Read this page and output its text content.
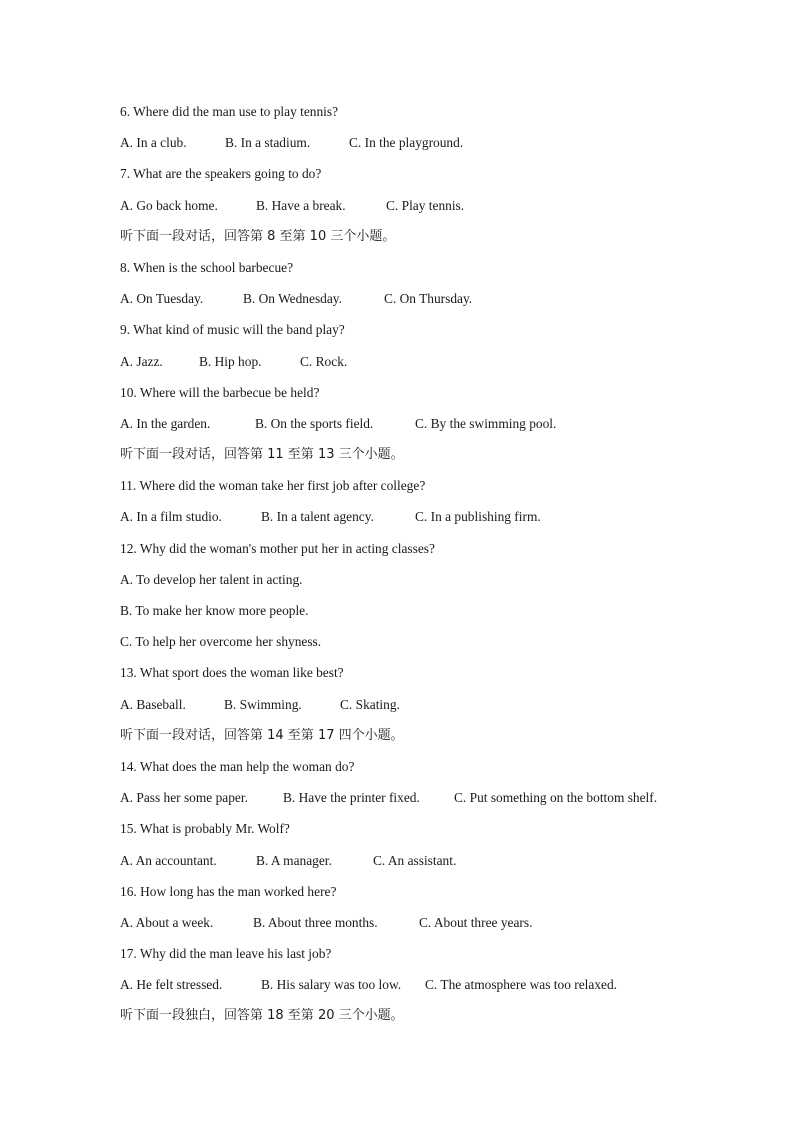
6. Where did the man use to play tennis?
A. In a club.	B. In a stadium.	C. In the playground.
7. What are the speakers going to do?
A. Go back home.	B. Have a break.	C. Play tennis.
听下面一段对话，回答第 8 至第 10 三个小题。
8. When is the school barbecue?
A. On Tuesday.	B. On Wednesday.	C. On Thursday.
9. What kind of music will the band play?
A. Jazz.	B. Hip hop.	C. Rock.
10. Where will the barbecue be held?
A. In the garden.	B. On the sports field.	C. By the swimming pool.
听下面一段对话，回答第 11 至第 13 三个小题。
11. Where did the woman take her first job after college?
A. In a film studio.	B. In a talent agency.	C. In a publishing firm.
12. Why did the woman's mother put her in acting classes?
A. To develop her talent in acting.
B. To make her know more people.
C. To help her overcome her shyness.
13. What sport does the woman like best?
A. Baseball.	B. Swimming.	C. Skating.
听下面一段对话，回答第 14 至第 17 四个小题。
14. What does the man help the woman do?
A. Pass her some paper.	B. Have the printer fixed.	C. Put something on the bottom shelf.
15. What is probably Mr. Wolf?
A. An accountant.	B. A manager.	C. An assistant.
16. How long has the man worked here?
A. About a week.	B. About three months.	C. About three years.
17. Why did the man leave his last job?
A. He felt stressed.	B. His salary was too low. C. The atmosphere was too relaxed.
听下面一段独白，回答第 18 至第 20 三个小题。
